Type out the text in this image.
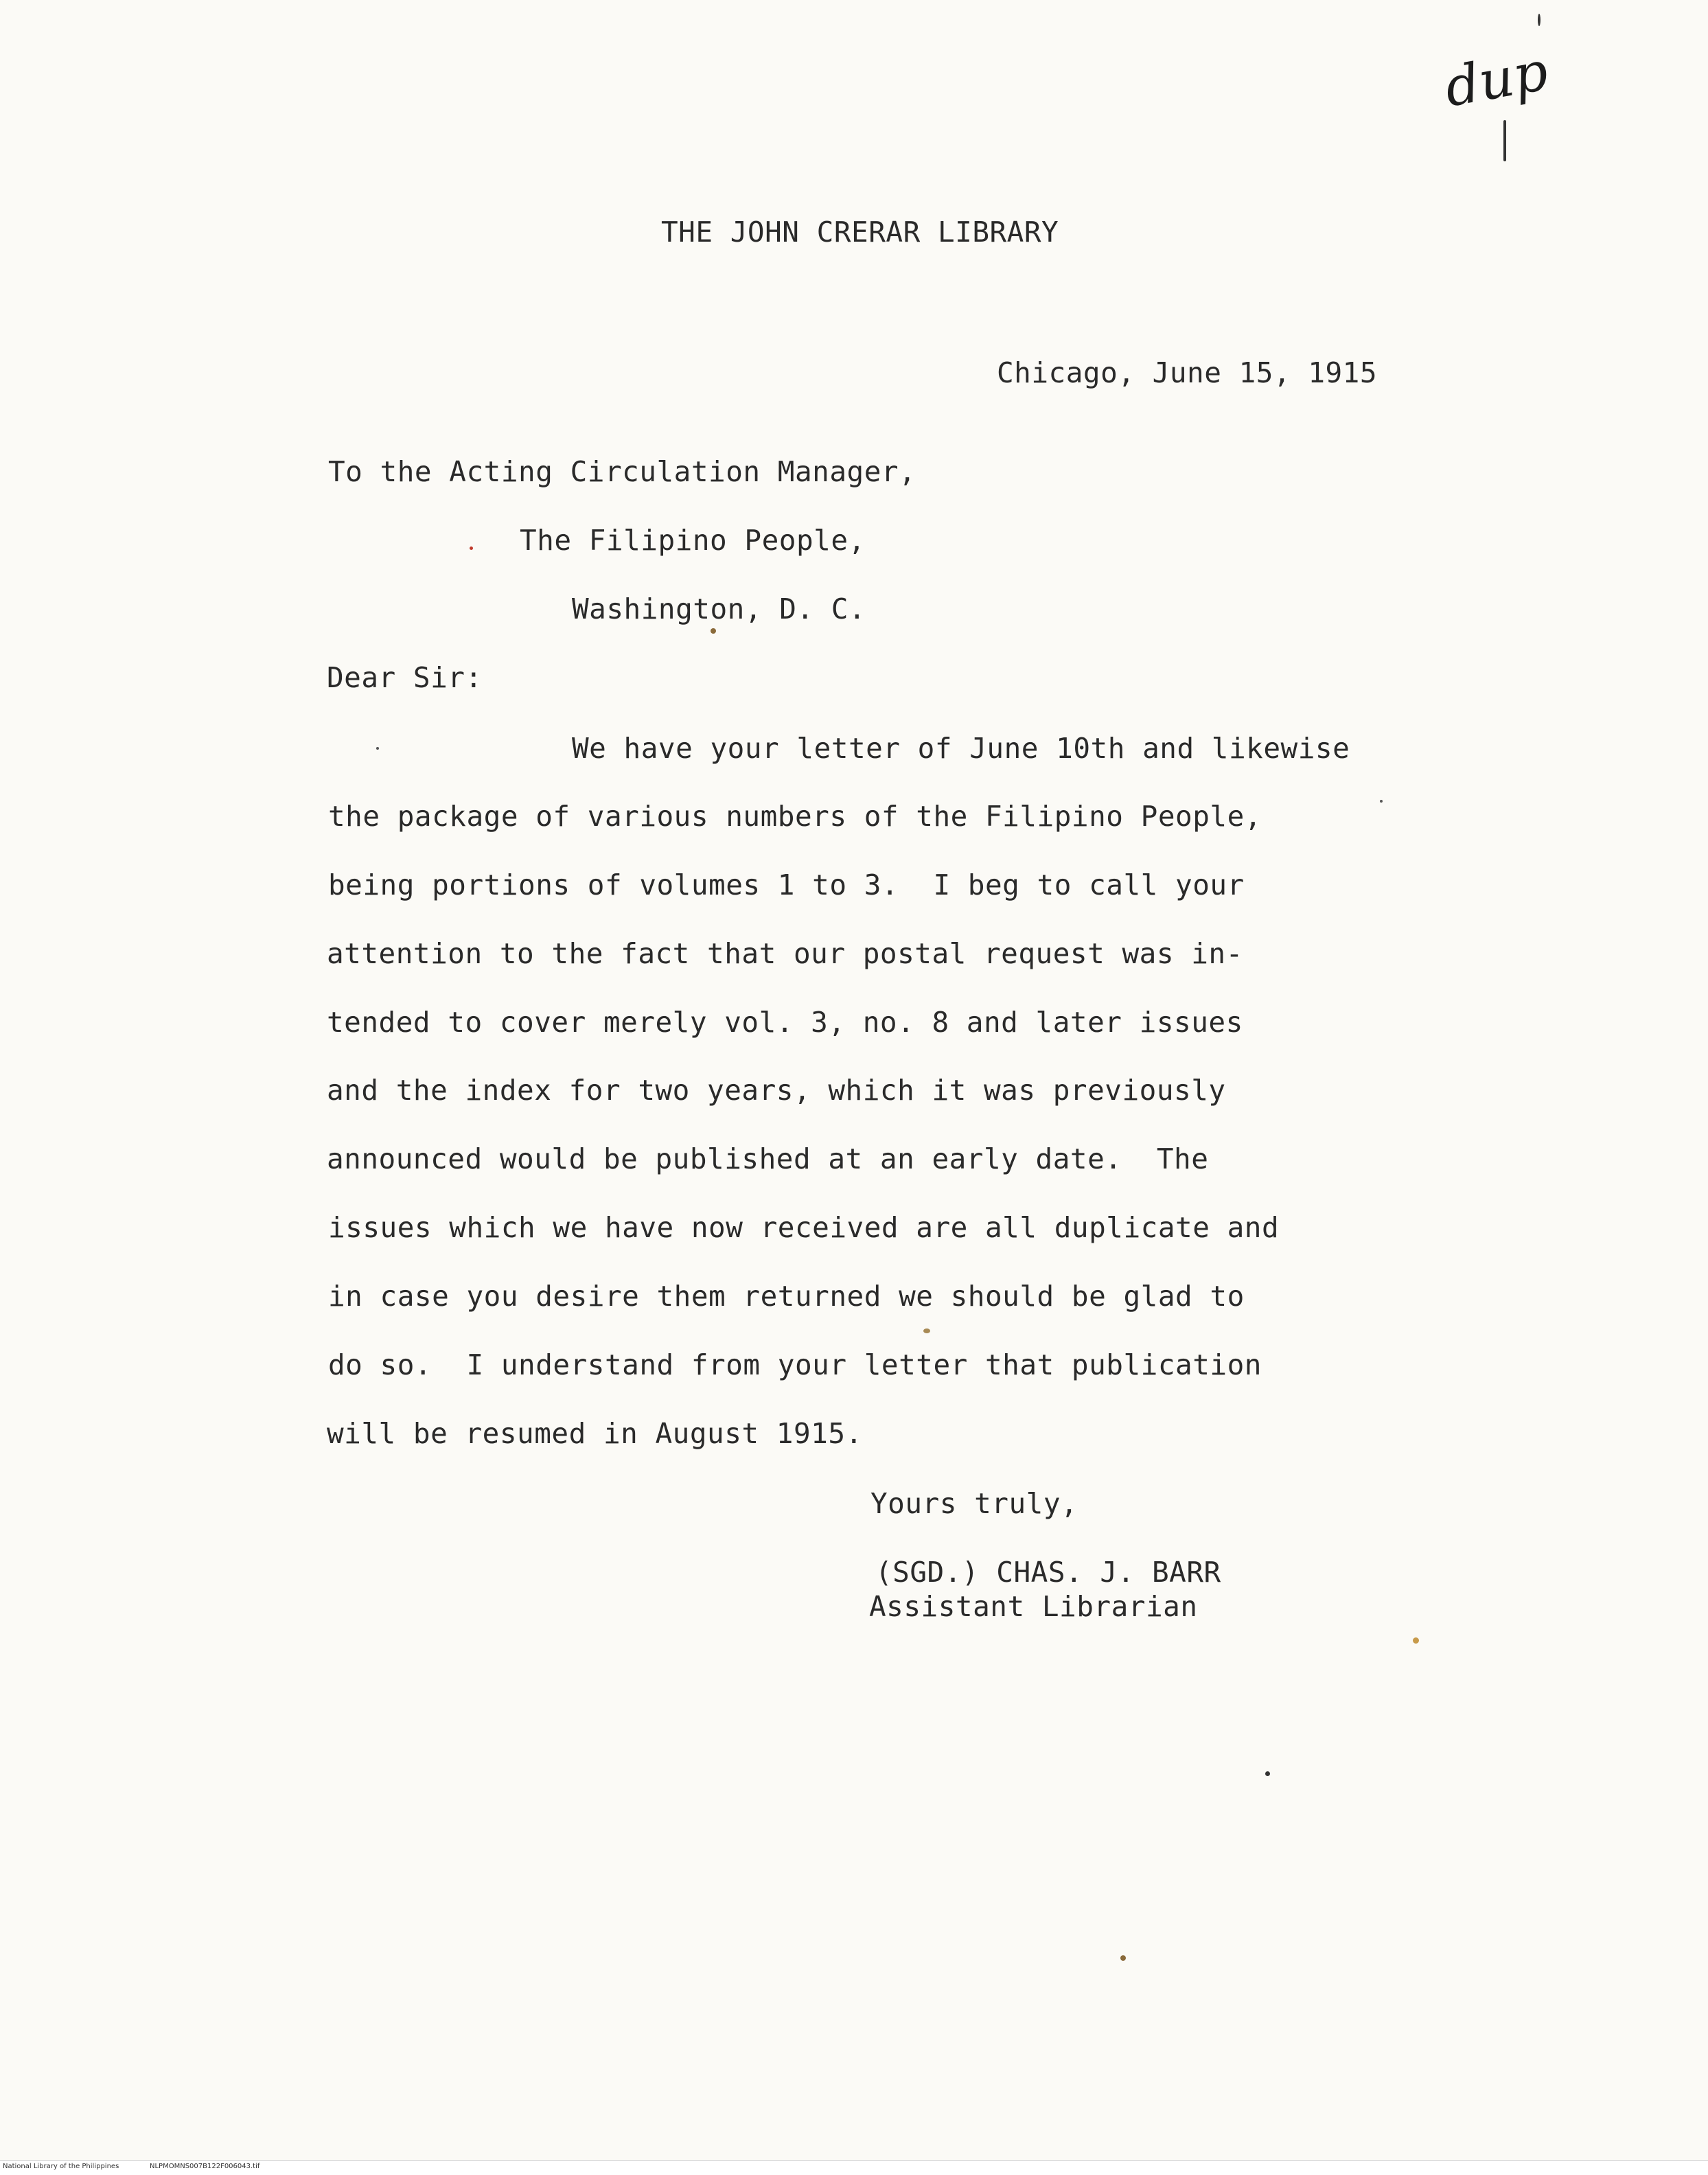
dup
THE JOHN CRERAR LIBRARY
Chicago, June 15, 1915
To the Acting Circulation Manager,
The Filipino People,
Washington, D. C.
Dear Sir:
We have your letter of June 10th and likewise
the package of various numbers of the Filipino People,
being portions of volumes 1 to 3.  I beg to call your
attention to the fact that our postal request was in-
tended to cover merely vol. 3, no. 8 and later issues
and the index for two years, which it was previously
announced would be published at an early date.  The
issues which we have now received are all duplicate and
in case you desire them returned we should be glad to
do so.  I understand from your letter that publication
will be resumed in August 1915.
Yours truly,
(SGD.) CHAS. J. BARR
Assistant Librarian
National Library of the Philippines	NLPMOMNS007B122F006043.tif
